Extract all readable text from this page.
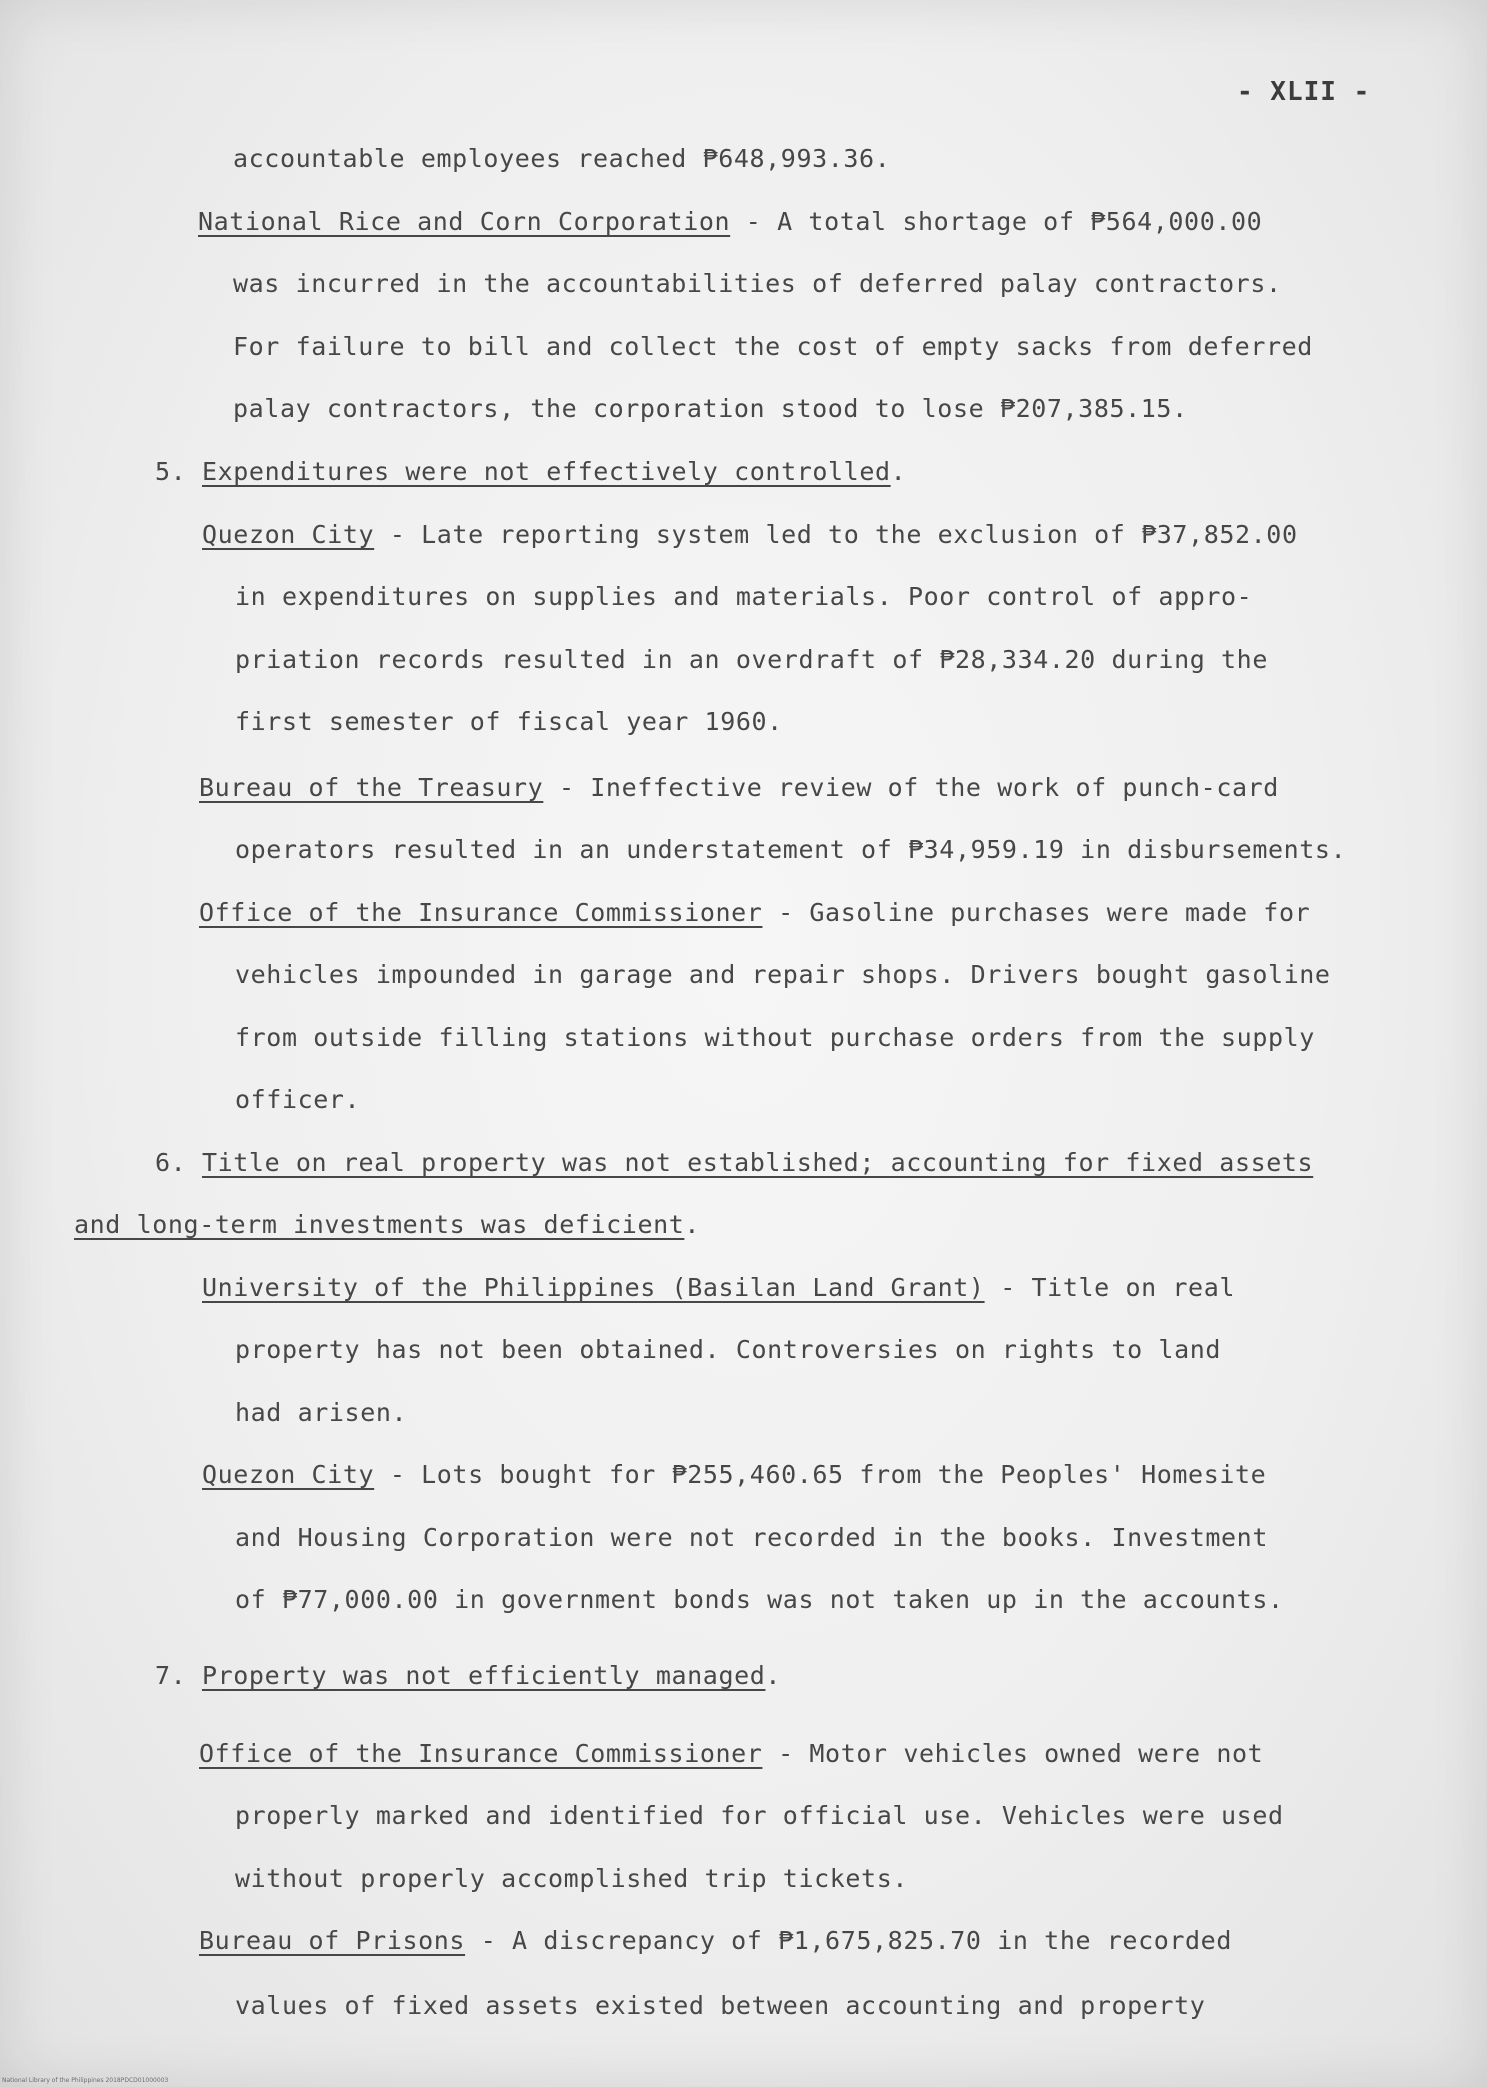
- XLII -
accountable employees reached ₱648,993.36.
National Rice and Corn Corporation - A total shortage of ₱564,000.00
was incurred in the accountabilities of deferred palay contractors.
For failure to bill and collect the cost of empty sacks from deferred
palay contractors, the corporation stood to lose ₱207,385.15.
5. Expenditures were not effectively controlled.
Quezon City - Late reporting system led to the exclusion of ₱37,852.00
in expenditures on supplies and materials. Poor control of appro-
priation records resulted in an overdraft of ₱28,334.20 during the
first semester of fiscal year 1960.
Bureau of the Treasury - Ineffective review of the work of punch-card
operators resulted in an understatement of ₱34,959.19 in disbursements.
Office of the Insurance Commissioner - Gasoline purchases were made for
vehicles impounded in garage and repair shops. Drivers bought gasoline
from outside filling stations without purchase orders from the supply
officer.
6. Title on real property was not established; accounting for fixed assets
and long-term investments was deficient.
University of the Philippines (Basilan Land Grant) - Title on real
property has not been obtained. Controversies on rights to land
had arisen.
Quezon City - Lots bought for ₱255,460.65 from the Peoples' Homesite
and Housing Corporation were not recorded in the books. Investment
of ₱77,000.00 in government bonds was not taken up in the accounts.
7. Property was not efficiently managed.
Office of the Insurance Commissioner - Motor vehicles owned were not
properly marked and identified for official use. Vehicles were used
without properly accomplished trip tickets.
Bureau of Prisons - A discrepancy of ₱1,675,825.70 in the recorded
values of fixed assets existed between accounting and property
National Library of the Philippines 2018PDCD01000003
